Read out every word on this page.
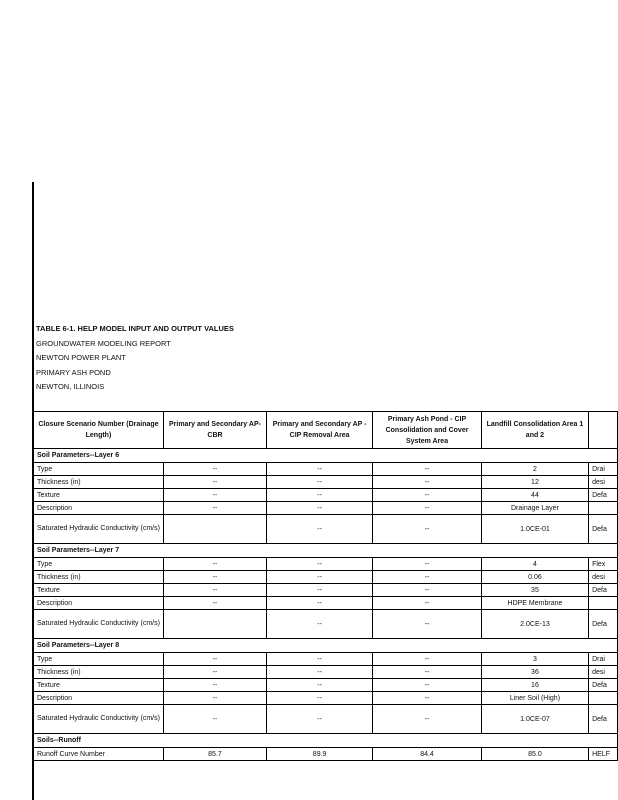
TABLE 6-1. HELP MODEL INPUT AND OUTPUT VALUES
GROUNDWATER MODELING REPORT
NEWTON POWER PLANT
PRIMARY ASH POND
NEWTON, ILLINOIS
Closure Scenario Number (Drainage Length)	Primary and Secondary AP- CBR	Primary and Secondary AP - CIP Removal Area	Primary Ash Pond - CIP Consolidation and Cover System Area	Landfill Consolidation Area 1 and 2	
Soil Parameters--Layer 6					
Type	--	--	--	2	Drai
Thickness (in)	--	--	--	12	desi
Texture	--	--	--	44	Defa
Description	--	--	--	Drainage Layer	
Saturated Hydraulic Conductivity (cm/s)		--	--	1.0CE-01	Defa
Soil Parameters--Layer 7					
Type	--	--	--	4	Flex
Thickness (in)	--	--	--	0.06	desi
Texture	--	--	--	35	Defa
Description	--	--	--	HDPE Membrane	
Saturated Hydraulic Conductivity (cm/s)		--	--	2.0CE-13	Defa
Soil Parameters--Layer 8					
Type	--	--	--	3	Drai
Thickness (in)	--	--	--	36	desi
Texture	--	--	--	16	Defa
Description	--	--	--	Liner Soil (High)	
Saturated Hydraulic Conductivity (cm/s)	--	--	--	1.0CE-07	Defa
Soils--Runoff					
Runoff Curve Number	85.7	89.9	84.4	85.0	HELF
